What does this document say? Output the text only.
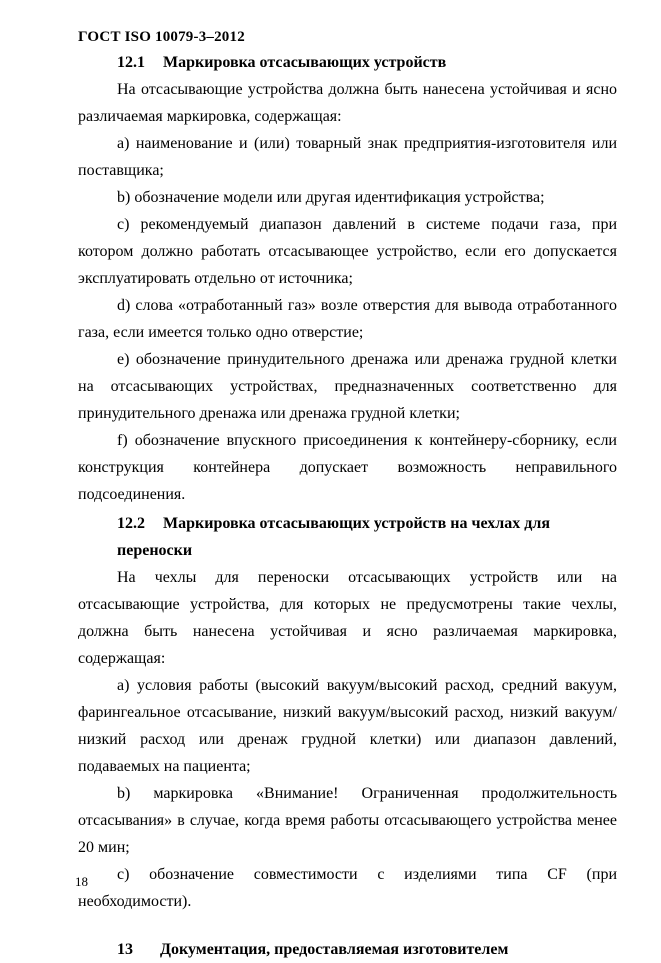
ГОСТ ISO 10079-3–2012
12.1 Маркировка отсасывающих устройств

На отсасывающие устройства должна быть нанесена устойчивая и ясно различаемая маркировка, содержащая:

a) наименование и (или) товарный знак предприятия-изготовителя или поставщика;

b) обозначение модели или другая идентификация устройства;

c) рекомендуемый диапазон давлений в системе подачи газа, при котором должно работать отсасывающее устройство, если его допускается эксплуатировать отдельно от источника;

d) слова «отработанный газ» возле отверстия для вывода отработанного газа, если имеется только одно отверстие;

e) обозначение принудительного дренажа или дренажа грудной клетки на отсасывающих устройствах, предназначенных соответственно для принудительного дренажа или дренажа грудной клетки;

f) обозначение впускного присоединения к контейнеру-сборнику, если конструкция контейнера допускает возможность неправильного подсоединения.

12.2 Маркировка отсасывающих устройств на чехлах для переноски

На чехлы для переноски отсасывающих устройств или на отсасывающие устройства, для которых не предусмотрены такие чехлы, должна быть нанесена устойчивая и ясно различаемая маркировка, содержащая:

a) условия работы (высокий вакуум/высокий расход, средний вакуум, фарингеальное отсасывание, низкий вакуум/высокий расход, низкий вакуум/низкий расход или дренаж грудной клетки) или диапазон давлений, подаваемых на пациента;

b) маркировка «Внимание! Ограниченная продолжительность отсасывания» в случае, когда время работы отсасывающего устройства менее 20 мин;

c) обозначение совместимости с изделиями типа CF (при необходимости).

13 Документация, предоставляемая изготовителем
18
